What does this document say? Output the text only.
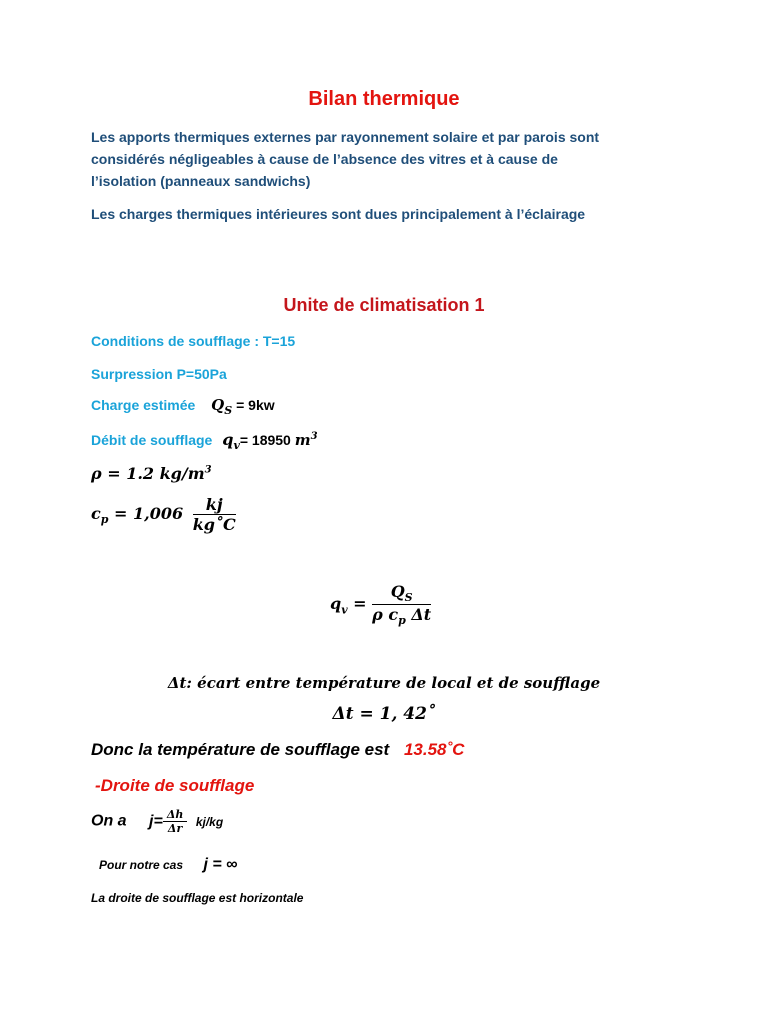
Bilan thermique
Les apports thermiques externes par rayonnement solaire et par parois sont
considérés négligeables à cause de l’absence des vitres et à cause de
l’isolation (panneaux sandwichs)
Les charges thermiques intérieures sont dues principalement à l’éclairage
Unite de climatisation 1
Conditions de soufflage : T=15
Surpression P=50Pa
Charge estimée $Q_S = 9kw$
Débit de soufflage $q_v= 18950$ $m^3$
ρ = 1.2 $kg/m^3$
$c_p = 1,006 \frac{kj}{kg˚C}$
$q_v = \frac{Q_S}{\rho c_p \Delta t}$
Δt: écart entre température de local et de soufflage
Δt = 1, 42˚
Donc la température de soufflage est 13.58˚C
-Droite de soufflage
On a $j= \frac{\Delta h}{\Delta r} kj/kg$
Pour notre cas j = ∞
La droite de soufflage est horizontale
